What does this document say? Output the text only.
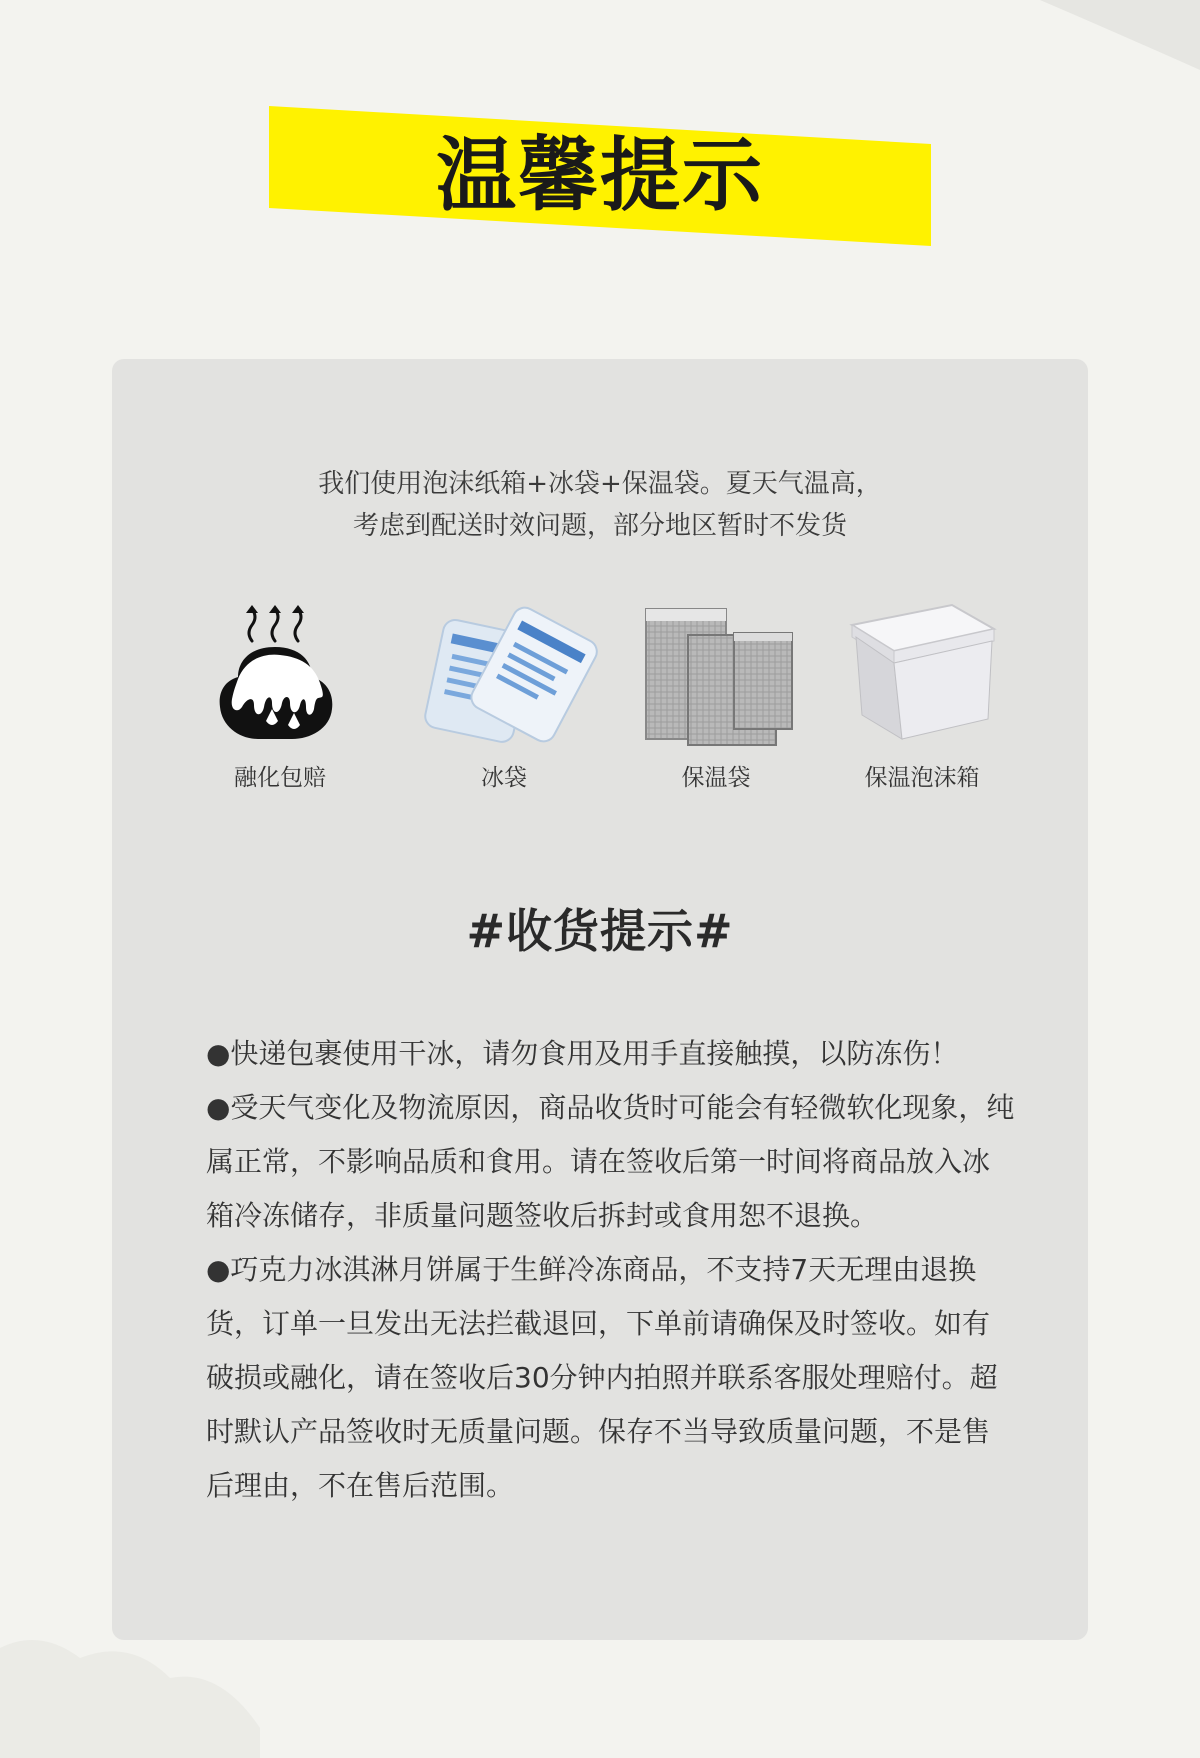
温馨提示
我们使用泡沫纸箱+冰袋+保温袋。夏天气温高，
考虑到配送时效问题，部分地区暂时不发货
融化包赔	冰袋	保温袋	保温泡沫箱
#收货提示#

●快递包裹使用干冰，请勿食用及用手直接触摸，以防冻伤！

●受天气变化及物流原因，商品收货时可能会有轻微软化现象，纯属正常，不影响品质和食用。请在签收后第一时间将商品放入冰箱冷冻储存，非质量问题签收后拆封或食用恕不退换。

●巧克力冰淇淋月饼属于生鲜冷冻商品，不支持7天无理由退换货，订单一旦发出无法拦截退回，下单前请确保及时签收。如有破损或融化，请在签收后30分钟内拍照并联系客服处理赔付。超时默认产品签收时无质量问题。保存不当导致质量问题，不是售后理由，不在售后范围。
